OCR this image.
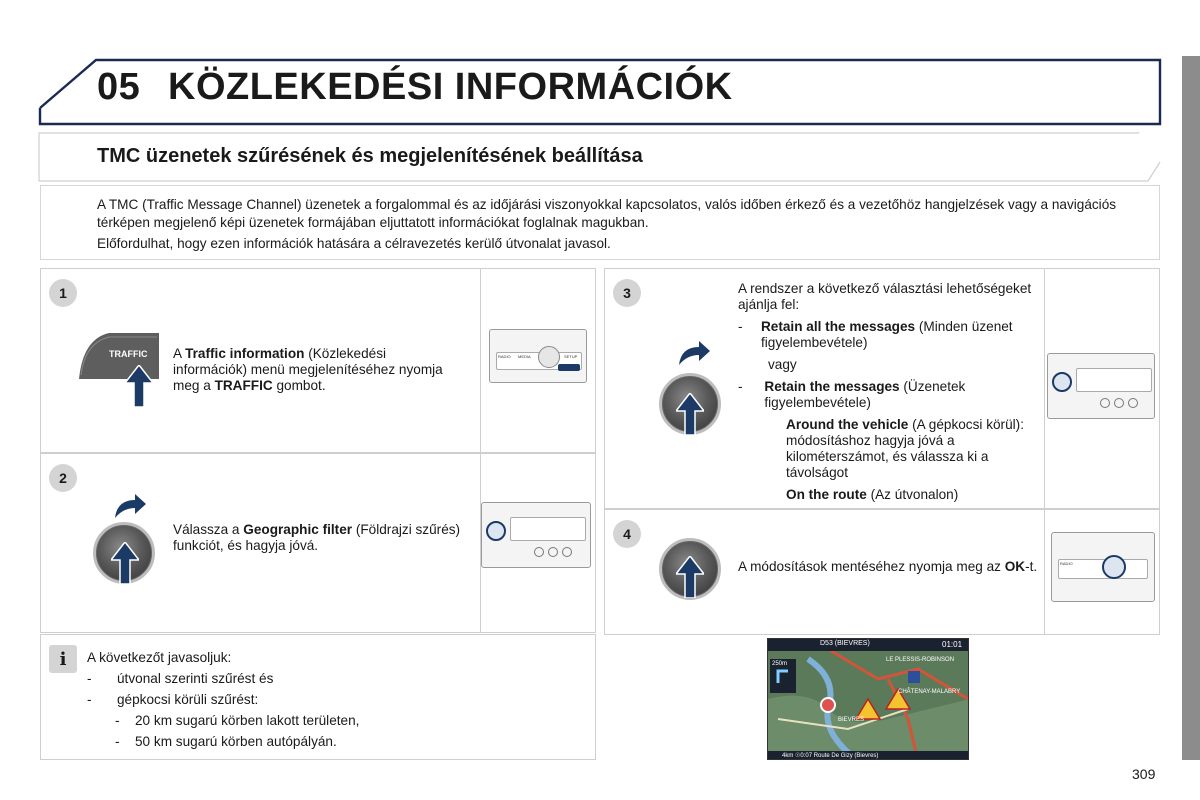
05 KÖZLEKEDÉSI INFORMÁCIÓK
TMC üzenetek szűrésének és megjelenítésének beállítása

A TMC (Traffic Message Channel) üzenetek a forgalommal és az időjárási viszonyokkal kapcsolatos, valós időben érkező és a vezetőhöz hangjelzések vagy a navigációs térképen megjelenő képi üzenetek formájában eljuttatott információkat foglalnak magukban.

Előfordulhat, hogy ezen információk hatására a célravezetés kerülő útvonalat javasol.

1
TRAFFIC A Traffic information (Közlekedési információk) menü megjelenítéséhez nyomja meg a TRAFFIC gombot.
RADIO MEDIA	SETUP
2
Válassza a Geographic filter (Földrajzi szűrés) funkciót, és hagyja jóvá.
3	A rendszer a következő választási lehetőségeket ajánlja fel:
-	Retain all the messages (Minden üzenet figyelembevétele)
vagy
-	Retain the messages (Üzenetek figyelembevétele)
Around the vehicle (A gépkocsi körül): módosításhoz hagyja jóvá a kilométerszámot, és válassza ki a távolságot
On the route (Az útvonalon)
4
A módosítások mentéséhez nyomja meg az OK-t.	RADIO
i	A következőt javasoljuk:
-	útvonal szerinti szűrést és
-	gépkocsi körüli szűrést:
-	20 km sugarú körben lakott területen,
-	50 km sugarú körben autópályán.
D53 (BIEVRES)	01:01
250m
LE PLESSIS-ROBINSON
CHÂTENAY-MALABRY
BIEVRES
4km ☉0:07 Route De Gizy (Bievres)
309
